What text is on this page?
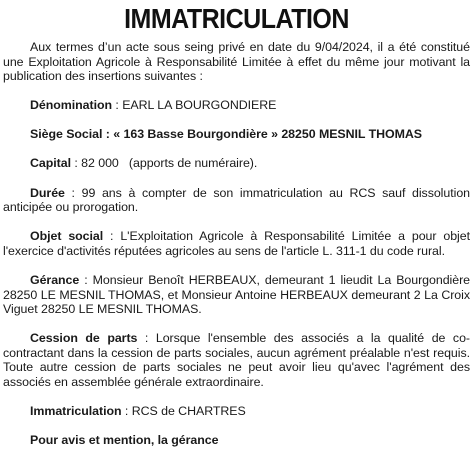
IMMATRICULATION

Aux termes d’un acte sous seing privé en date du 9/04/2024, il a été constitué une Exploitation Agricole à Responsabilité Limitée à effet du même jour motivant la publication des insertions suivantes :

Dénomination : EARL LA BOURGONDIERE

Siège Social : « 163 Basse Bourgondière » 28250 MESNIL THOMAS

Capital : 82 000   (apports de numéraire).

Durée : 99 ans à compter de son immatriculation au RCS sauf dissolution anticipée ou prorogation.

Objet social : L'Exploitation Agricole à Responsabilité Limitée a pour objet l'exercice d'activités réputées agricoles au sens de l'article L. 311-1 du code rural.

Gérance : Monsieur Benoît HERBEAUX, demeurant 1 lieudit La Bourgondière 28250 LE MESNIL THOMAS, et Monsieur Antoine HERBEAUX demeurant 2 La Croix Viguet 28250 LE MESNIL THOMAS.

Cession de parts : Lorsque l'ensemble des associés a la qualité de co-contractant dans la cession de parts sociales, aucun agrément préalable n'est requis. Toute autre cession de parts sociales ne peut avoir lieu qu'avec l'agrément des associés en assemblée générale extraordinaire.

Immatriculation : RCS de CHARTRES

Pour avis et mention, la gérance
